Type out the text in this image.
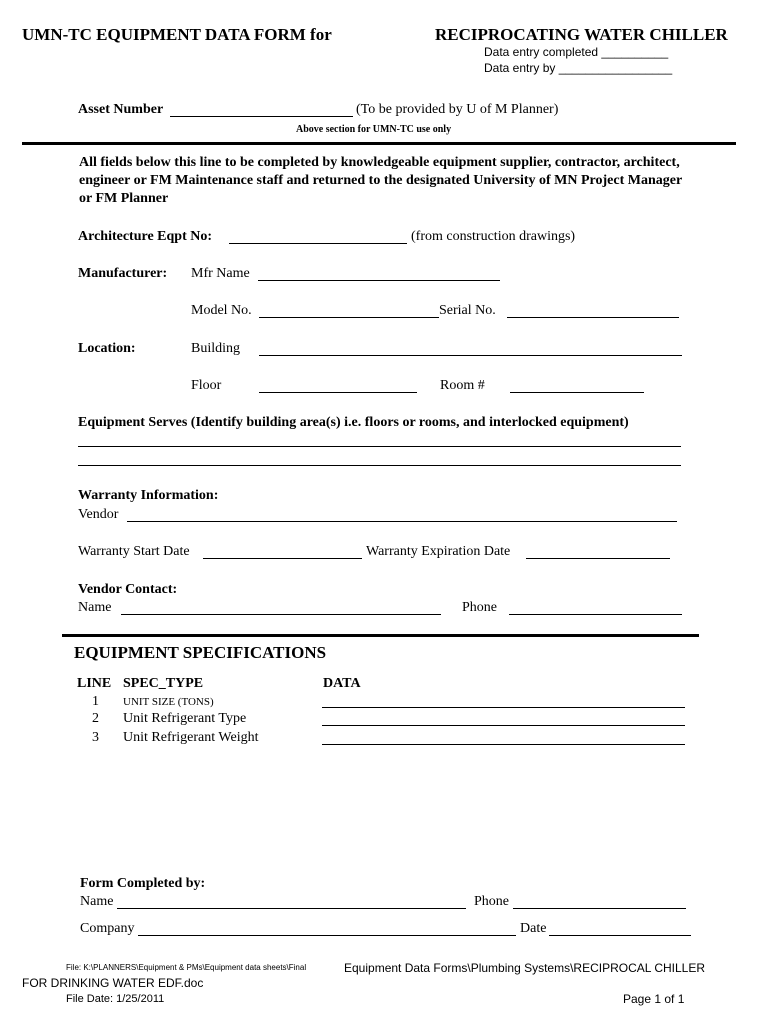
UMN-TC EQUIPMENT DATA FORM for	RECIPROCATING WATER CHILLER
Data entry completed __________
Data entry by _________________
Asset Number	(To be provided by U of M Planner)
Above section for UMN-TC use only
All fields below this line to be completed by knowledgeable equipment supplier, contractor, architect,
engineer or FM Maintenance staff and returned to the designated University of MN Project Manager
or FM Planner
Architecture Eqpt No:	(from construction drawings)
Manufacturer: Mfr Name
Model No.	Serial No.
Location:	Building
Floor	Room #
Equipment Serves (Identify building area(s) i.e. floors or rooms, and interlocked equipment)
Warranty Information:
Vendor
Warranty Start Date	Warranty Expiration Date
Vendor Contact:
Name	Phone
EQUIPMENT SPECIFICATIONS
LINE SPEC_TYPE	DATA
1 UNIT SIZE (TONS)
2 Unit Refrigerant Type
3 Unit Refrigerant Weight
Form Completed by:
Name	Phone
Company	Date
File: K:\PLANNERS\Equipment & PMs\Equipment data sheets\Final	Equipment Data Forms\Plumbing Systems\RECIPROCAL CHILLER
FOR DRINKING WATER EDF.doc
File Date: 1/25/2011	Page 1 of 1
